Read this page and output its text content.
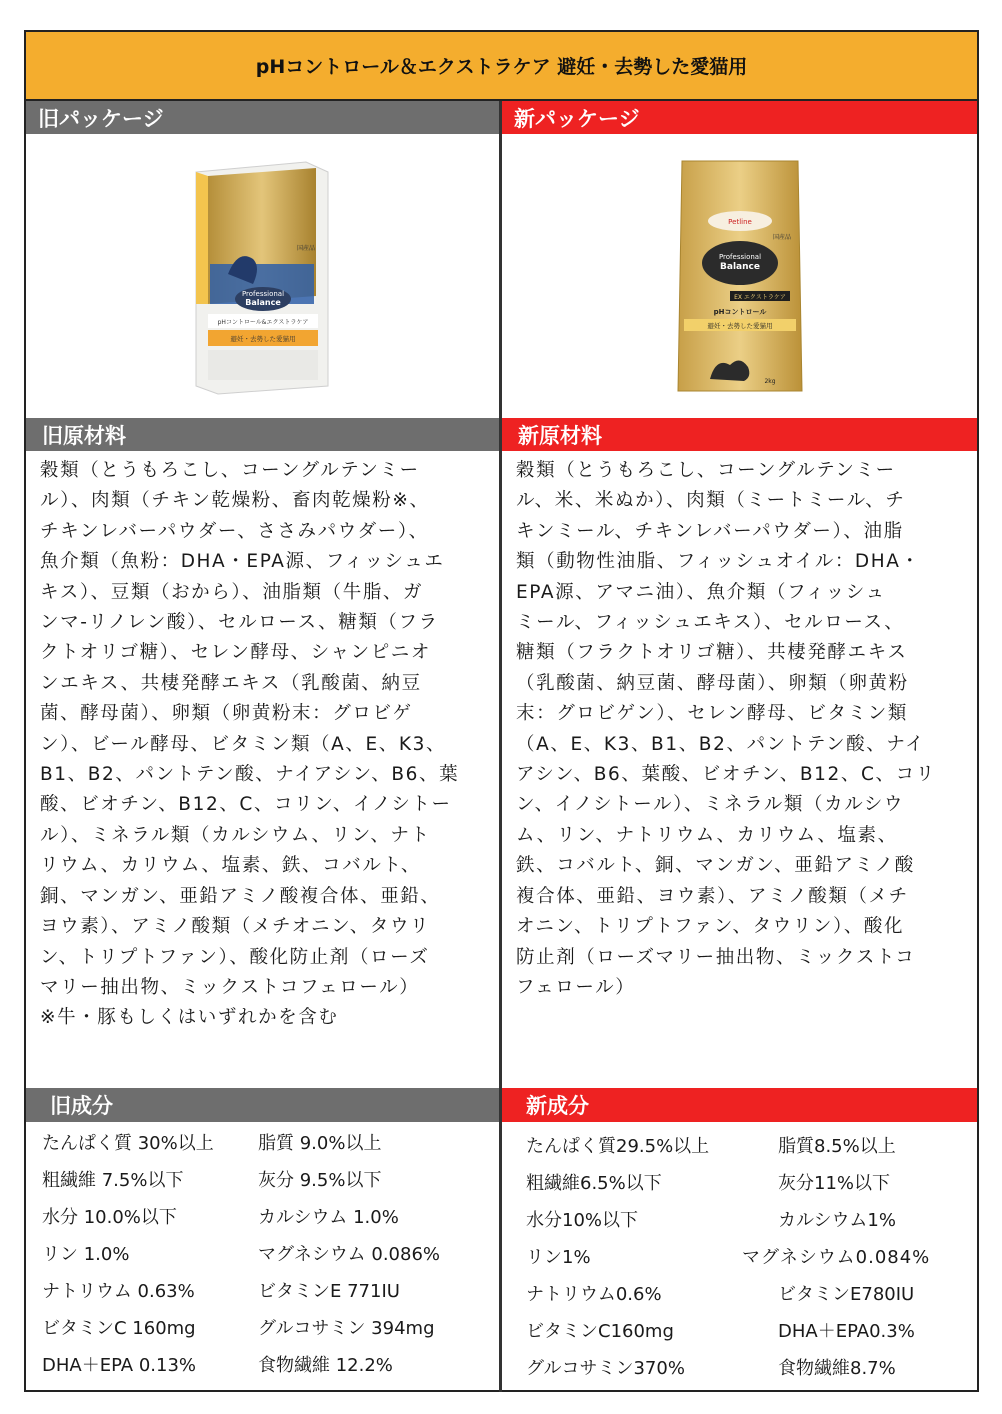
pHコントロール＆エクストラケア 避妊・去勢した愛猫用
旧パッケージ	新パッケージ
Professional
Balance
pHコントロール&エクストラケア
避妊・去勢した愛猫用
国産品
Petline
国産品
Professional
Balance
EX エクストラケア
pHコントロール
避妊・去勢した愛猫用
2kg
旧原材料	新原材料
穀類（とうもろこし、コーングルテンミー
ル）、肉類（チキン乾燥粉、畜肉乾燥粉※、
チキンレバーパウダー、ささみパウダー）、
魚介類（魚粉：DHA・EPA源、フィッシュエ
キス）、豆類（おから）、油脂類（牛脂、ガ
ンマ-リノレン酸）、セルロース、糖類（フラ
クトオリゴ糖）、セレン酵母、シャンピニオ
ンエキス、共棲発酵エキス（乳酸菌、納豆
菌、酵母菌）、卵類（卵黄粉末：グロビゲ
ン）、ビール酵母、ビタミン類（A、E、K3、
B1、B2、パントテン酸、ナイアシン、B6、葉
酸、ビオチン、B12、C、コリン、イノシトー
ル）、ミネラル類（カルシウム、リン、ナト
リウム、カリウム、塩素、鉄、コバルト、
銅、マンガン、亜鉛アミノ酸複合体、亜鉛、
ヨウ素）、アミノ酸類（メチオニン、タウリ
ン、トリプトファン）、酸化防止剤（ローズ
マリー抽出物、ミックストコフェロール）
※牛・豚もしくはいずれかを含む
穀類（とうもろこし、コーングルテンミー
ル、米、米ぬか）、肉類（ミートミール、チ
キンミール、チキンレバーパウダー）、油脂
類（動物性油脂、フィッシュオイル：DHA・
EPA源、アマニ油）、魚介類（フィッシュ
ミール、フィッシュエキス）、セルロース、
糖類（フラクトオリゴ糖）、共棲発酵エキス
（乳酸菌、納豆菌、酵母菌）、卵類（卵黄粉
末：グロビゲン）、セレン酵母、ビタミン類
（A、E、K3、B1、B2、パントテン酸、ナイ
アシン、B6、葉酸、ビオチン、B12、C、コリ
ン、イノシトール）、ミネラル類（カルシウ
ム、リン、ナトリウム、カリウム、塩素、
鉄、コバルト、銅、マンガン、亜鉛アミノ酸
複合体、亜鉛、ヨウ素）、アミノ酸類（メチ
オニン、トリプトファン、タウリン）、酸化
防止剤（ローズマリー抽出物、ミックストコ
フェロール）
旧成分	新成分
たんぱく質 30%以上 脂質 9.0%以上
粗繊維 7.5%以下	灰分 9.5%以下
水分 10.0%以下	カルシウム 1.0%
リン 1.0%	マグネシウム 0.086%
ナトリウム 0.63%	ビタミンE 771IU
ビタミンC 160mg	グルコサミン 394mg
DHA＋EPA 0.13%	食物繊維 12.2%
たんぱく質29.5%以上	脂質8.5%以上
粗繊維6.5%以下	灰分11%以下
水分10%以下	カルシウム1%
リン1%	マグネシウム0.084%
ナトリウム0.6%	ビタミンE780IU
ビタミンC160mg	DHA＋EPA0.3%
グルコサミン370%	食物繊維8.7%
